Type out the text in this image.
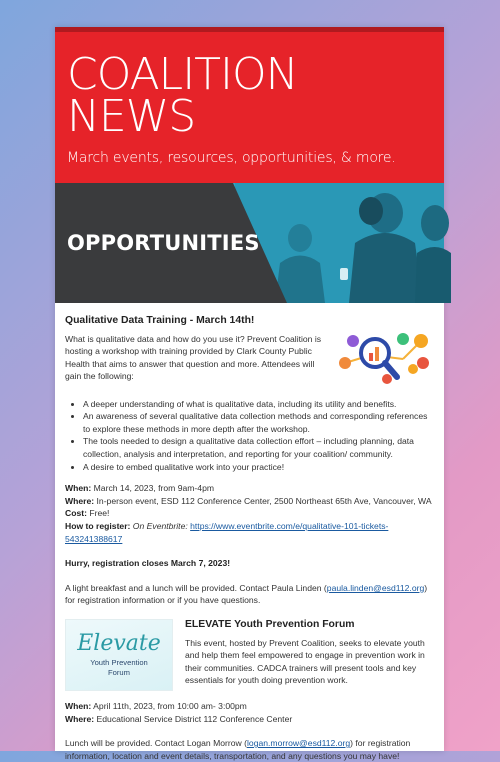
COALITION
NEWS
March events, resources, opportunities, & more.
OPPORTUNITIES
Qualitative Data Training - March 14th!
What is qualitative data and how do you use it? Prevent Coalition is hosting a workshop with training provided by Clark County Public Health that aims to answer that question and more. Attendees will gain the following:
• A deeper understanding of what is qualitative data, including its utility and benefits.
• An awareness of several qualitative data collection methods and corresponding references to explore these methods in more depth after the workshop.
• The tools needed to design a qualitative data collection effort – including planning, data collection, analysis and interpretation, and reporting for your coalition/ community.
• A desire to embed qualitative work into your practice!
When: March 14, 2023, from 9am-4pm
Where: In-person event, ESD 112 Conference Center, 2500 Northeast 65th Ave, Vancouver, WA
Cost: Free!
How to register: On Eventbrite: https://www.eventbrite.com/e/qualitative-101-tickets-543241388617
Hurry, registration closes March 7, 2023!
A light breakfast and a lunch will be provided. Contact Paula Linden (paula.linden@esd112.org) for registration information or if you have questions.
Elevate
Youth Prevention
Forum
ELEVATE Youth Prevention Forum
This event, hosted by Prevent Coalition, seeks to elevate youth and help them feel empowered to engage in prevention work in their communities. CADCA trainers will present tools and key essentials for youth doing prevention work.
When: April 11th, 2023, from 10:00 am- 3:00pm
Where: Educational Service District 112 Conference Center
Lunch will be provided. Contact Logan Morrow (logan.morrow@esd112.org) for registration information, location and event details, transportation, and any questions you may have!
